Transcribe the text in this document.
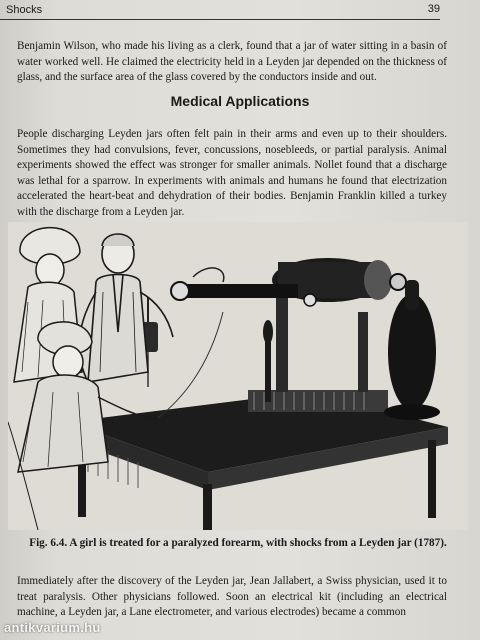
Shocks	39

Benjamin Wilson, who made his living as a clerk, found that a jar of water sitting in a basin of water worked well. He claimed the electricity held in a Leyden jar depended on the thickness of glass, and the surface area of the glass covered by the conductors inside and out.

Medical Applications

People discharging Leyden jars often felt pain in their arms and even up to their shoulders. Sometimes they had convulsions, fever, concussions, nosebleeds, or partial paralysis. Animal experiments showed the effect was stronger for smaller animals. Nollet found that a discharge was lethal for a sparrow. In experiments with animals and humans he found that electrization accelerated the heart-beat and dehydration of their bodies. Benjamin Franklin killed a turkey with the discharge from a Leyden jar.

Fig. 6.4. A girl is treated for a paralyzed forearm, with shocks from a Leyden jar (1787).

Immediately after the discovery of the Leyden jar, Jean Jallabert, a Swiss physician, used it to treat paralysis. Other physicians followed. Soon an electrical kit (including an electrical machine, a Leyden jar, a Lane electrometer, and various electrodes) became a common

antikvarium.hu
